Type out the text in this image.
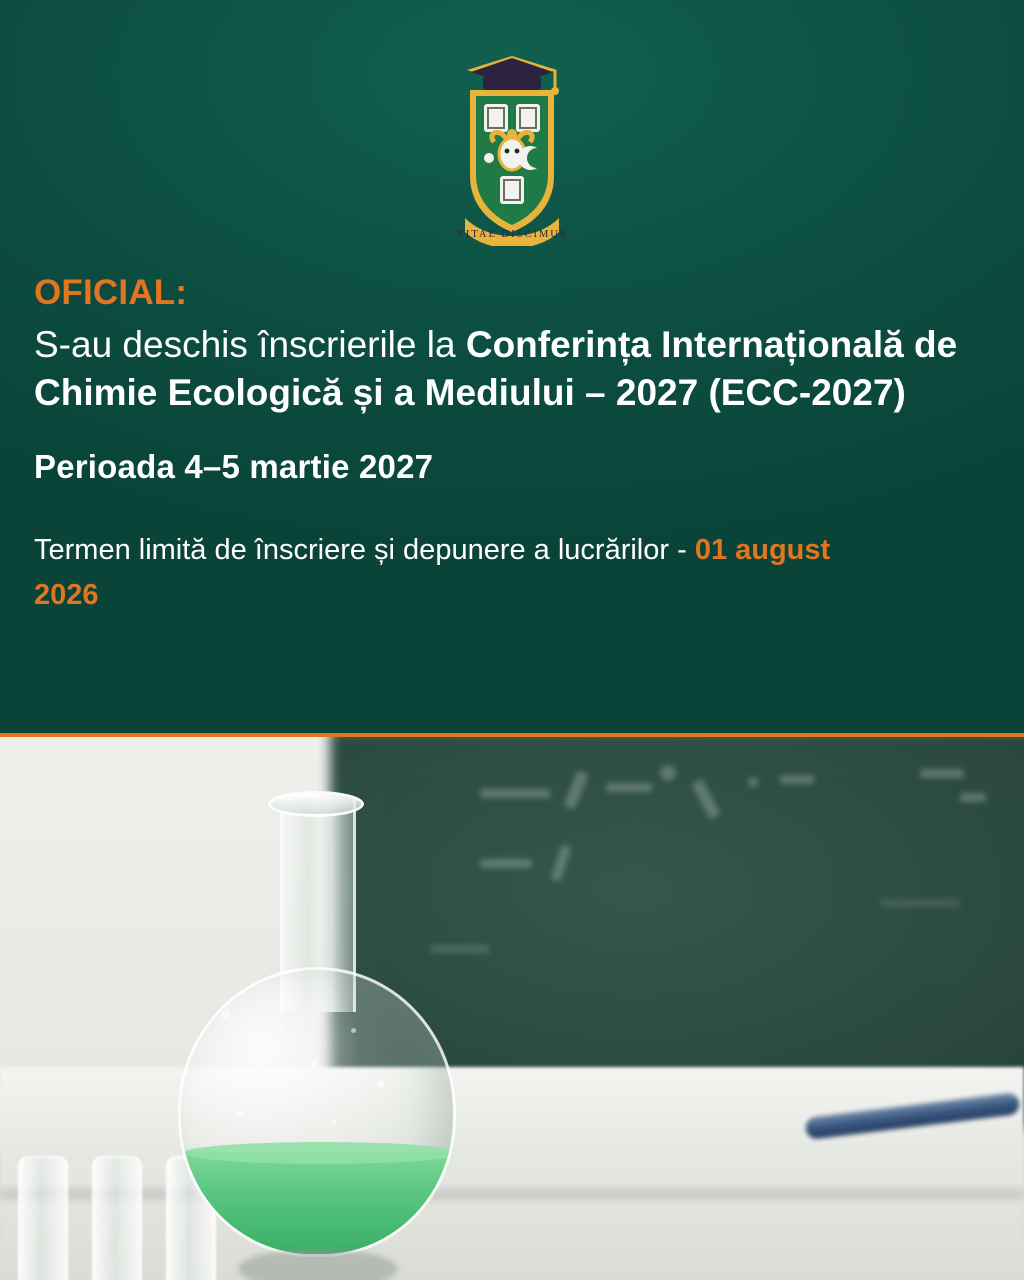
VITAE DISCIMUS
OFICIAL:

S-au deschis înscrierile la Conferința Internațională de Chimie Ecologică și a Mediului – 2027 (ECC-2027)

Perioada 4–5 martie 2027

Termen limită de înscriere și depunere a lucrărilor - 01 august 2026
